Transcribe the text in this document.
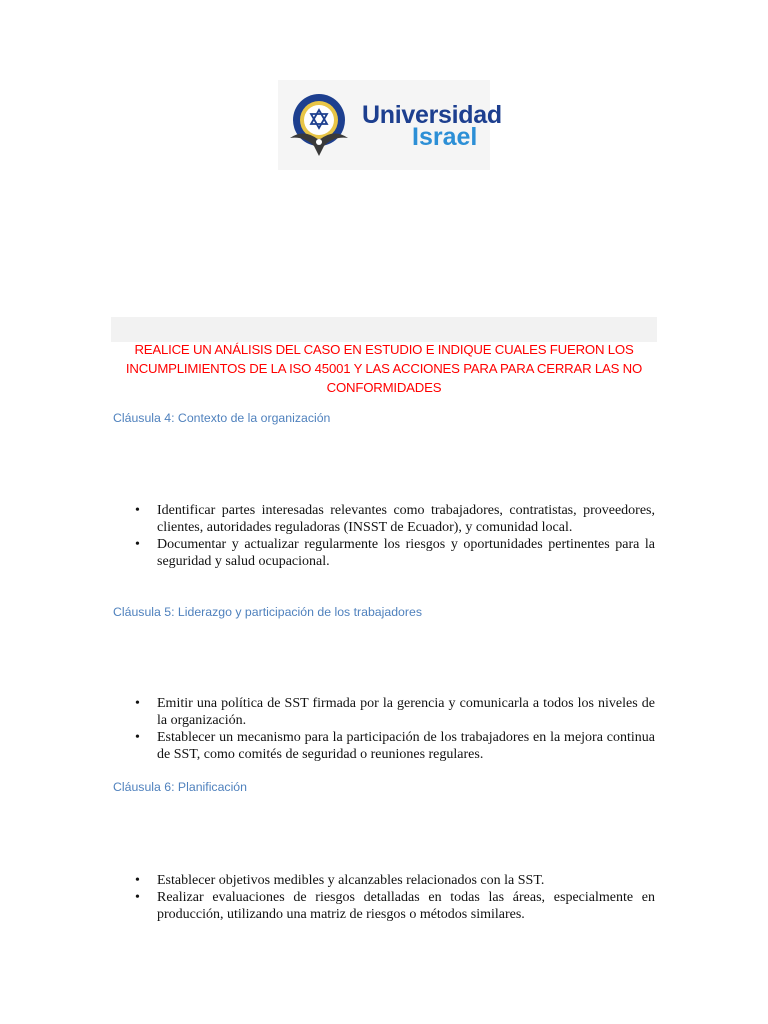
Universidad
Israel
REALICE UN ANÁLISIS DEL CASO EN ESTUDIO E INDIQUE CUALES FUERON LOS INCUMPLIMIENTOS DE LA ISO 45001 Y LAS ACCIONES PARA PARA CERRAR LAS NO CONFORMIDADES
Cláusula 4: Contexto de la organización
• Identificar partes interesadas relevantes como trabajadores, contratistas, proveedores, clientes, autoridades reguladoras (INSST de Ecuador), y comunidad local.
• Documentar y actualizar regularmente los riesgos y oportunidades pertinentes para la seguridad y salud ocupacional.
Cláusula 5: Liderazgo y participación de los trabajadores
• Emitir una política de SST firmada por la gerencia y comunicarla a todos los niveles de la organización.
• Establecer un mecanismo para la participación de los trabajadores en la mejora continua de SST, como comités de seguridad o reuniones regulares.
Cláusula 6: Planificación
• Establecer objetivos medibles y alcanzables relacionados con la SST.
• Realizar evaluaciones de riesgos detalladas en todas las áreas, especialmente en producción, utilizando una matriz de riesgos o métodos similares.
